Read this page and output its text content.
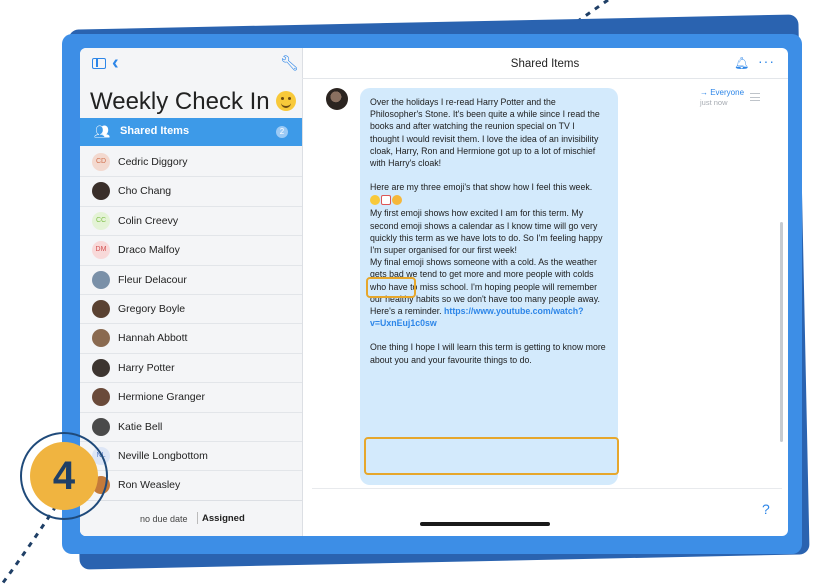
‹	🔧︎
Weekly Check In
👥︎ Shared Items	2
CD	Cedric Diggory
Cho Chang
CC	Colin Creevy
DM	Draco Malfoy
Fleur Delacour
Gregory Boyle
Hannah Abbott
Harry Potter
Hermione Granger
Katie Bell
NL	Neville Longbottom
Ron Weasley
no due date Assigned
Shared Items	🔔︎ ···

Over the holidays I re-read Harry Potter and the Philosopher's Stone. It's been quite a while since I read the books and after watching the reunion special on TV I thought I would revisit them. I love the idea of an invisibility cloak, Harry, Ron and Hermione got up to a lot of mischief with Harry's cloak!

Here are my three emoji's that show how I feel this week.

My first emoji shows how excited I am for this term. My second emoji shows a calendar as I know time will go very quickly this term as we have lots to do. So I'm feeling happy I'm super organised for our first week!
My final emoji shows someone with a cold. As the weather gets bad we tend to get more and more people with colds who have to miss school. I'm hoping people will remember our healthy habits so we don't have too many people away. Here's a reminder. https://www.youtube.com/watch?v=UxnEuj1c0sw

One thing I hope I will learn this term is getting to know more about you and your favourite things to do.

→ Everyone
just now
?
4
